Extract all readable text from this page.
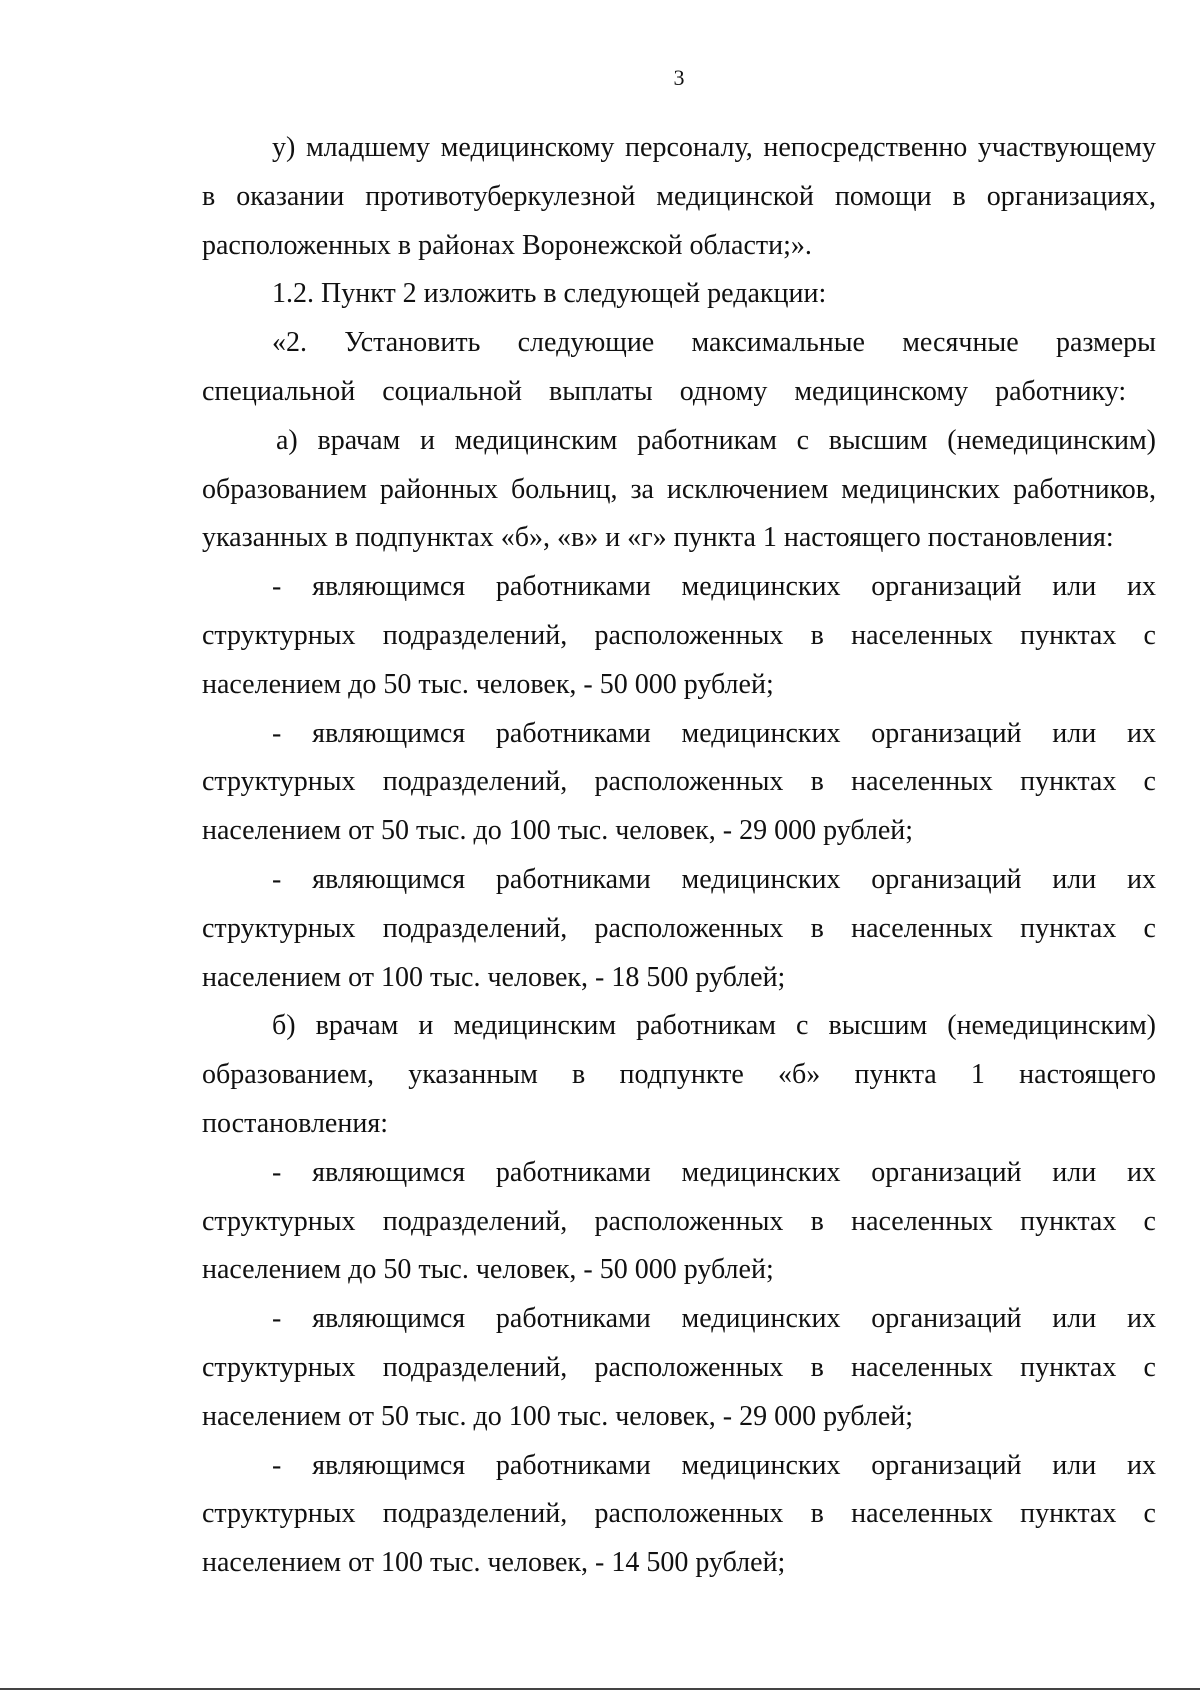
3

у) младшему медицинскому персоналу, непосредственно участвующему в оказании противотуберкулезной медицинской помощи в организациях, расположенных в районах Воронежской области;».

1.2. Пункт 2 изложить в следующей редакции:

«2. Установить следующие максимальные месячные размеры специальной социальной выплаты одному медицинскому работнику:

а) врачам и медицинским работникам с высшим (немедицинским) образованием районных больниц, за исключением медицинских работников, указанных в подпунктах «б», «в» и «г» пункта 1 настоящего постановления:

- являющимся работниками медицинских организаций или их структурных подразделений, расположенных в населенных пунктах с населением до 50 тыс. человек, - 50 000 рублей;

- являющимся работниками медицинских организаций или их структурных подразделений, расположенных в населенных пунктах с населением от 50 тыс. до 100 тыс. человек, - 29 000 рублей;

- являющимся работниками медицинских организаций или их структурных подразделений, расположенных в населенных пунктах с населением от 100 тыс. человек, - 18 500 рублей;

б) врачам и медицинским работникам с высшим (немедицинским) образованием, указанным в подпункте «б» пункта 1 настоящего постановления:

- являющимся работниками медицинских организаций или их структурных подразделений, расположенных в населенных пунктах с населением до 50 тыс. человек, - 50 000 рублей;

- являющимся работниками медицинских организаций или их структурных подразделений, расположенных в населенных пунктах с населением от 50 тыс. до 100 тыс. человек, - 29 000 рублей;

- являющимся работниками медицинских организаций или их структурных подразделений, расположенных в населенных пунктах с населением от 100 тыс. человек, - 14 500 рублей;
